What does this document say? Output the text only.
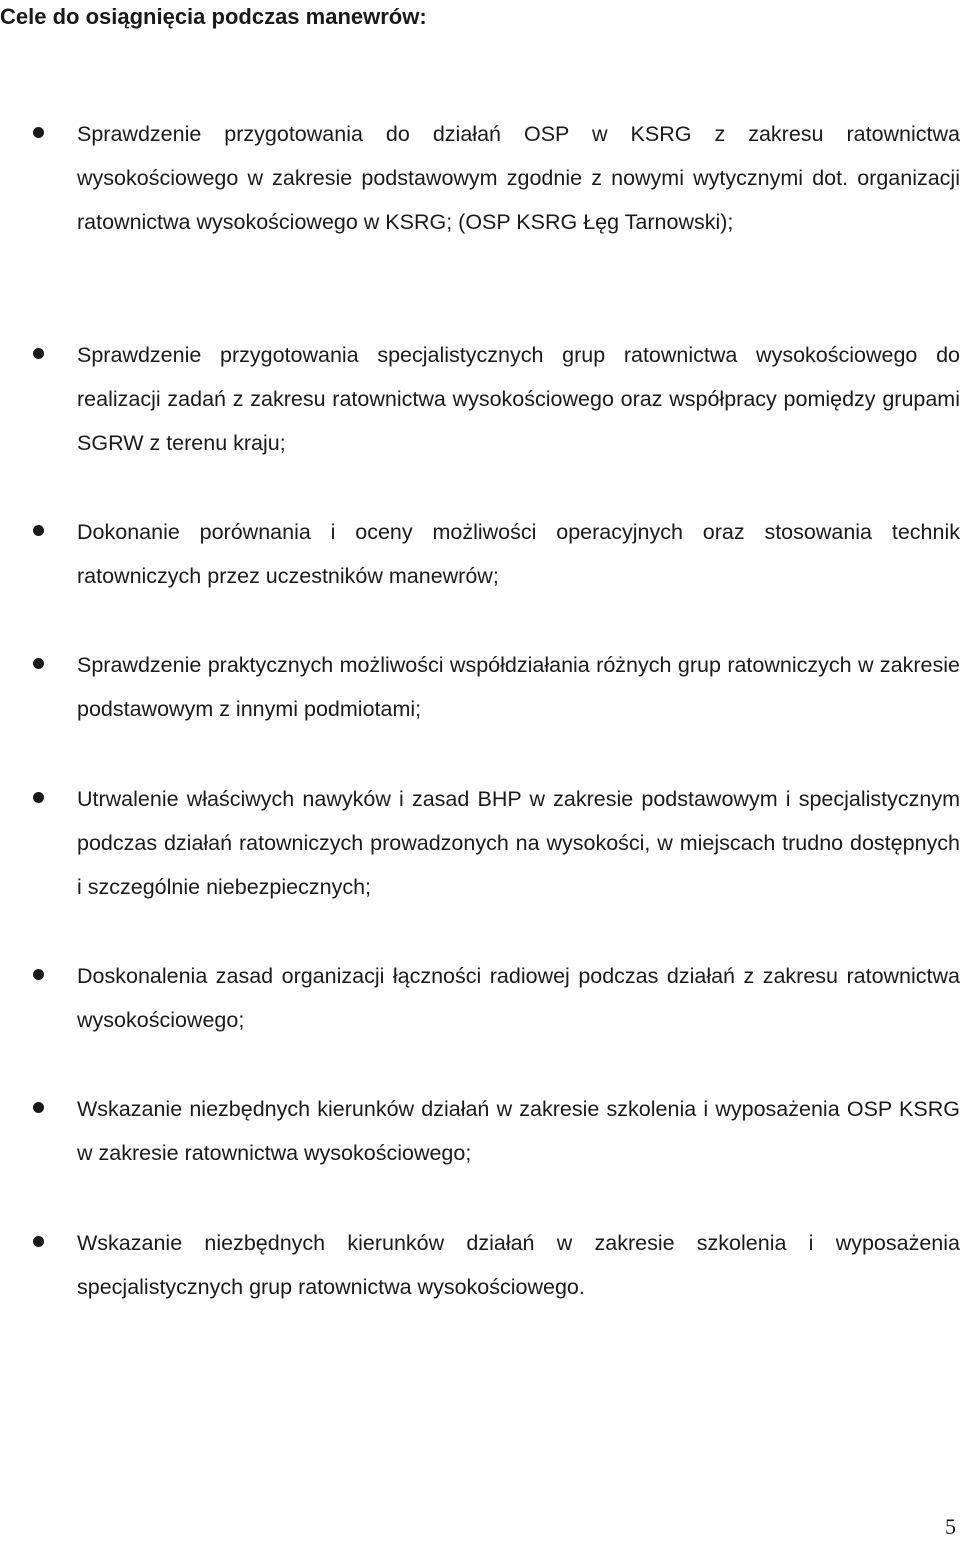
Cele do osiągnięcia podczas manewrów:
Sprawdzenie przygotowania do działań OSP w KSRG z zakresu ratownictwa wysokościowego w zakresie podstawowym zgodnie z nowymi wytycznymi dot. organizacji ratownictwa wysokościowego w KSRG; (OSP KSRG Łęg Tarnowski);
Sprawdzenie przygotowania specjalistycznych grup ratownictwa wysokościowego do realizacji zadań z zakresu ratownictwa wysokościowego oraz współpracy pomiędzy grupami SGRW z terenu kraju;
Dokonanie porównania i oceny możliwości operacyjnych oraz stosowania technik ratowniczych przez uczestników manewrów;
Sprawdzenie praktycznych możliwości współdziałania różnych grup ratowniczych w zakresie podstawowym z innymi podmiotami;
Utrwalenie właściwych nawyków i zasad BHP w zakresie podstawowym i specjalistycznym podczas działań ratowniczych prowadzonych na wysokości, w miejscach trudno dostępnych i szczególnie niebezpiecznych;
Doskonalenia zasad organizacji łączności radiowej podczas działań z zakresu ratownictwa wysokościowego;
Wskazanie niezbędnych kierunków działań w zakresie szkolenia i wyposażenia OSP KSRG w zakresie ratownictwa wysokościowego;
Wskazanie niezbędnych kierunków działań w zakresie szkolenia i wyposażenia specjalistycznych grup ratownictwa wysokościowego.
5
